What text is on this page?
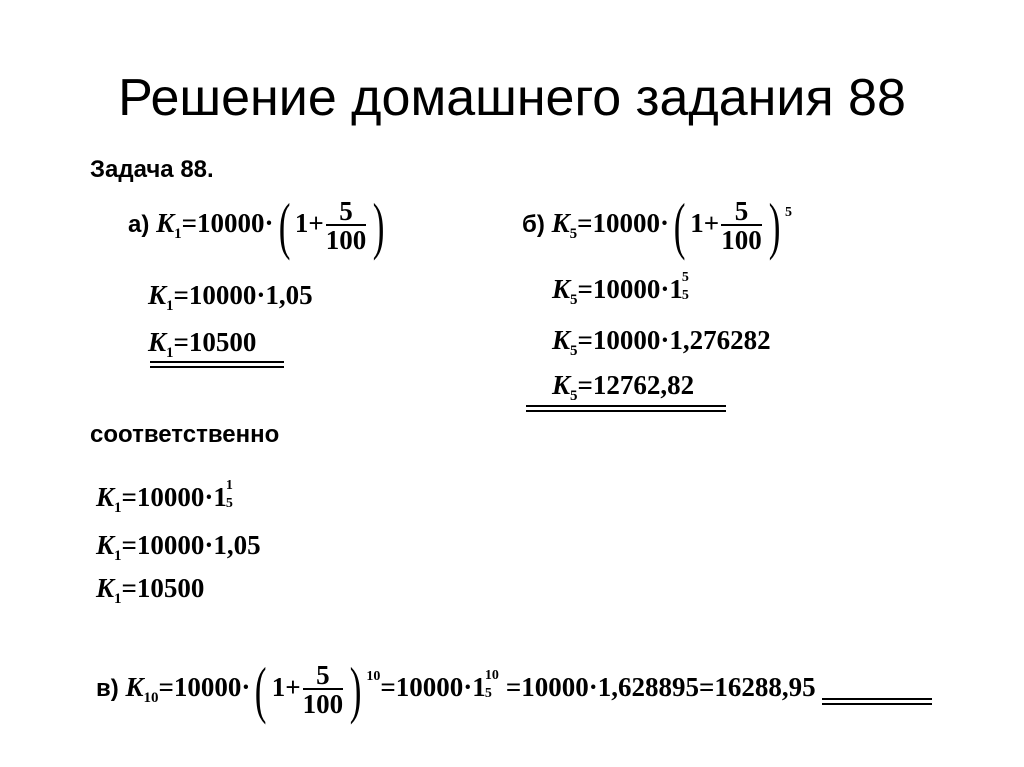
Решение домашнего задания 88
Задача 88.
а) $K_1=10000\cdot$( $1+ \frac{5}{100}$ )
$K_1=10000\cdot 1,05$
$K_1=10500$
б) $K_5=10000\cdot$( $1+ \frac{5}{100}$ ) $^5$
$K_5=10000\cdot 1$ 5
5
$K_5=10000\cdot 1,276282$
$K_5=12762,82$
соответственно
$K_1=10000\cdot 1$ 1
5
$K_1=10000\cdot 1,05$
$K_1=10500$
в) $K_{10}=10000\cdot$( $1+ \frac{5}{100}$ ) $^{10}$=10000·1 10
5 =10000·1,628895=16288,95
